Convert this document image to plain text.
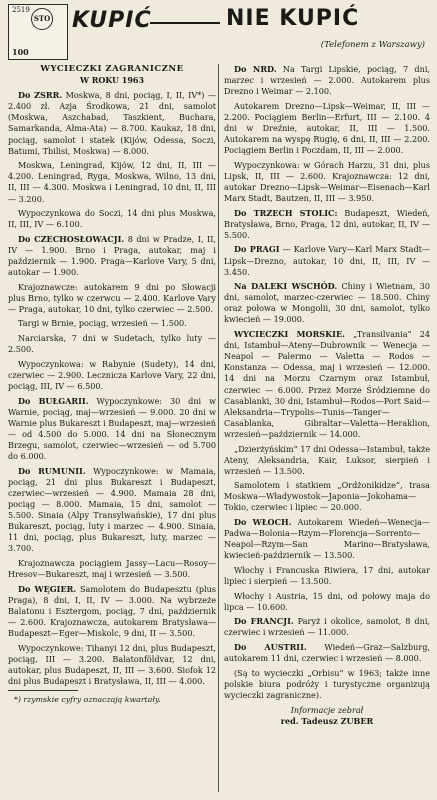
2519
STO
100
KUPIĆ	NIE KUPIĆ
(Telefonem z Warszawy)
WYCIECZKI ZAGRANICZNE
W ROKU 1963

Do ZSRR. Moskwa, 8 dni, pociąg, I, II, IV*) — 2.400 zł. Azja Środkowa, 21 dni, samolot (Moskwa, Aszchabad, Taszkient, Buchara, Samarkanda, Ałma-Ata) — 8.700. Kaukaz, 18 dni, pociąg, samolot i statek (Kijów, Odessa, Soczi, Batumi, Tbilisi, Moskwa) — 8.000.

Moskwa, Leningrad, Kijów, 12 dni, II, III — 4.200. Leningrad, Ryga, Moskwa, Wilno, 13 dni, II, III — 4.300. Moskwa i Leningrad, 10 dni, II, III — 3.200.

Wypoczynkowa do Soczi, 14 dni plus Moskwa, II, III, IV — 6.100.

Do CZECHOSŁOWACJI. 8 dni w Pradze, I, II, IV — 1.900. Brno i Praga, autokar, maj i październik — 1.900. Praga—Karlove Vary, 5 dni, autokar — 1.900.

Krajoznawcze: autokarem 9 dni po Słowacji plus Brno, tylko w czerwcu — 2.400. Karlove Vary — Praga, autokar, 10 dni, tylko czerwiec — 2.500.

Targi w Brnie, pociąg, wrzesień — 1.500.

Narciarska, 7 dni w Sudetach, tylko luty — 2.500.

Wypoczynkowa: w Rabynie (Sudety), 14 dni, czerwiec — 2.900. Lecznicza Karlove Vary, 22 dni, pociąg, III, IV — 6.500.

Do BUŁGARII. Wypoczynkowe: 30 dni w Warnie, pociąg, maj—wrzesień — 9.000. 20 dni w Warnie plus Bukareszt i Budapeszt, maj—wrzesień — od 4.500 do 5.000. 14 dni na Słonecznym Brzegu, samolot, czerwiec—wrzesień — od 5.700 do 6.000.

Do RUMUNII. Wypoczynkowe: w Mamaia, pociąg, 21 dni plus Bukareszt i Budapeszt, czerwiec—wrzesień — 4.900. Mamaia 28 dni, pociąg — 8.000. Mamaia, 15 dni, samolot — 5.500. Sinaia (Alpy Transylwańskie), 17 dni plus Bukareszt, pociąg, luty i marzec — 4.900. Sinaia, 11 dni, pociąg, plus Bukareszt, luty, marzec — 3.700.

Krajoznawcza pociągiem Jassy—Lacu—Rosoy—Hresov—Bukareszt, maj i wrzesień — 3.500.

Do WĘGIER. Samolotem do Budapesztu (plus Praga), 8 dni, I, II, IV — 3.000. Na wybrzeże Balatonu i Esztergom, pociąg, 7 dni, październik — 2.600. Krajoznawcza, autokarem Bratysława—Budapeszt—Eger—Miskolc, 9 dni, II — 3.500.

Wypoczynkowe: Tihanyi 12 dni, plus Budapeszt, pociąg, III — 3.200. Balatonföldvar, 12 dni, autokar, plus Budapeszt, II, III — 3.600. Siofok 12 dni plus Budapeszt i Bratysława, II, III — 4.000.

*) rzymskie cyfry oznaczają kwartały.

Do NRD. Na Targi Lipskie, pociąg, 7 dni, marzec i wrzesień — 2.000. Autokarem plus Drezno i Weimar — 2.100.

Autokarem Drezno—Lipsk—Weimar, II, III — 2.200. Pociągiem Berlin—Erfurt, III — 2.100. 4 dni w Dreźnie, autokar, II, III — 1.500. Autokarem na wyspę Rugię, 6 dni, II, III — 2.200. Pociągiem Berlin i Poczdam, II, III — 2.000.

Wypoczynkowa: w Górach Harzu, 31 dni, plus Lipsk, II, III — 2.600. Krajoznawcza: 12 dni, autokar Drezno—Lipsk—Weimar—Eisenach—Karl Marx Stadt, Bautzen, II, III — 3.950.

Do TRZECH STOLIC: Budapeszt, Wiedeń, Bratysława, Brno, Praga, 12 dni, autokar, II, IV — 5.500.

Do PRAGI — Karlove Vary—Karl Marx Stadt—Lipsk—Drezno, autokar, 10 dni, II, III, IV — 3.450.

Na DALEKI WSCHÓD. Chiny i Wietnam, 30 dni, samolot, marzec-czerwiec — 18.500. Chiny oraz połowa w Mongolii, 30 dni, samolot, tylko kwiecień — 19.000.

WYCIECZKI MORSKIE. „Transilvania” 24 dni, Istambuł—Ateny—Dubrownik — Wenecja — Neapol — Palermo — Valetta — Rodos — Konstanza — Odessa, maj i wrzesień — 12.000. 14 dni na Morzu Czarnym oraz Istambuł, czerwiec — 6.000. Przez Morze Śródziemne do Casablanki, 30 dni, Istambuł—Rodos—Port Said—Aleksandria—Trypolis—Tunis—Tanger—Casablanka, Gibraltar—Valetta—Heraklion, wrzesień—październik — 14.000.

„Dzierżyńskim” 17 dni Odessa—Istambuł, także Ateny, Aleksandria, Kair, Luksor, sierpień i wrzesień — 13.500.

Samolotem i statkiem „Ordżonikidze”, trasa Moskwa—Władywostok—Japonia—Jokohama—Tokio, czerwiec i lipiec — 20.000.

Do WŁOCH. Autokarem Wiedeń—Wenecja—Padwa—Bolonia—Rzym—Florencja—Sorrento—Neapol—Rzym—San Marino—Bratysława, kwiecień-październik — 13.500.

Włochy i Francuska Riwiera, 17 dni, autokar lipiec i sierpień — 13.500.

Włochy i Austria, 15 dni, od połowy maja do lipca — 10.600.

Do FRANCJI. Paryż i okolice, samolot, 8 dni, czerwiec i wrzesień — 11.000.

Do AUSTRII. Wiedeń—Graz—Salzburg, autokarem 11 dni, czerwiec i wrzesień — 8.000.

(Są to wycieczki „Orbisu” w 1963; także inne polskie biura podróży i turystyczne organizują wycieczki zagraniczne).

Informacje zebrał
red. Tadeusz ZUBER
